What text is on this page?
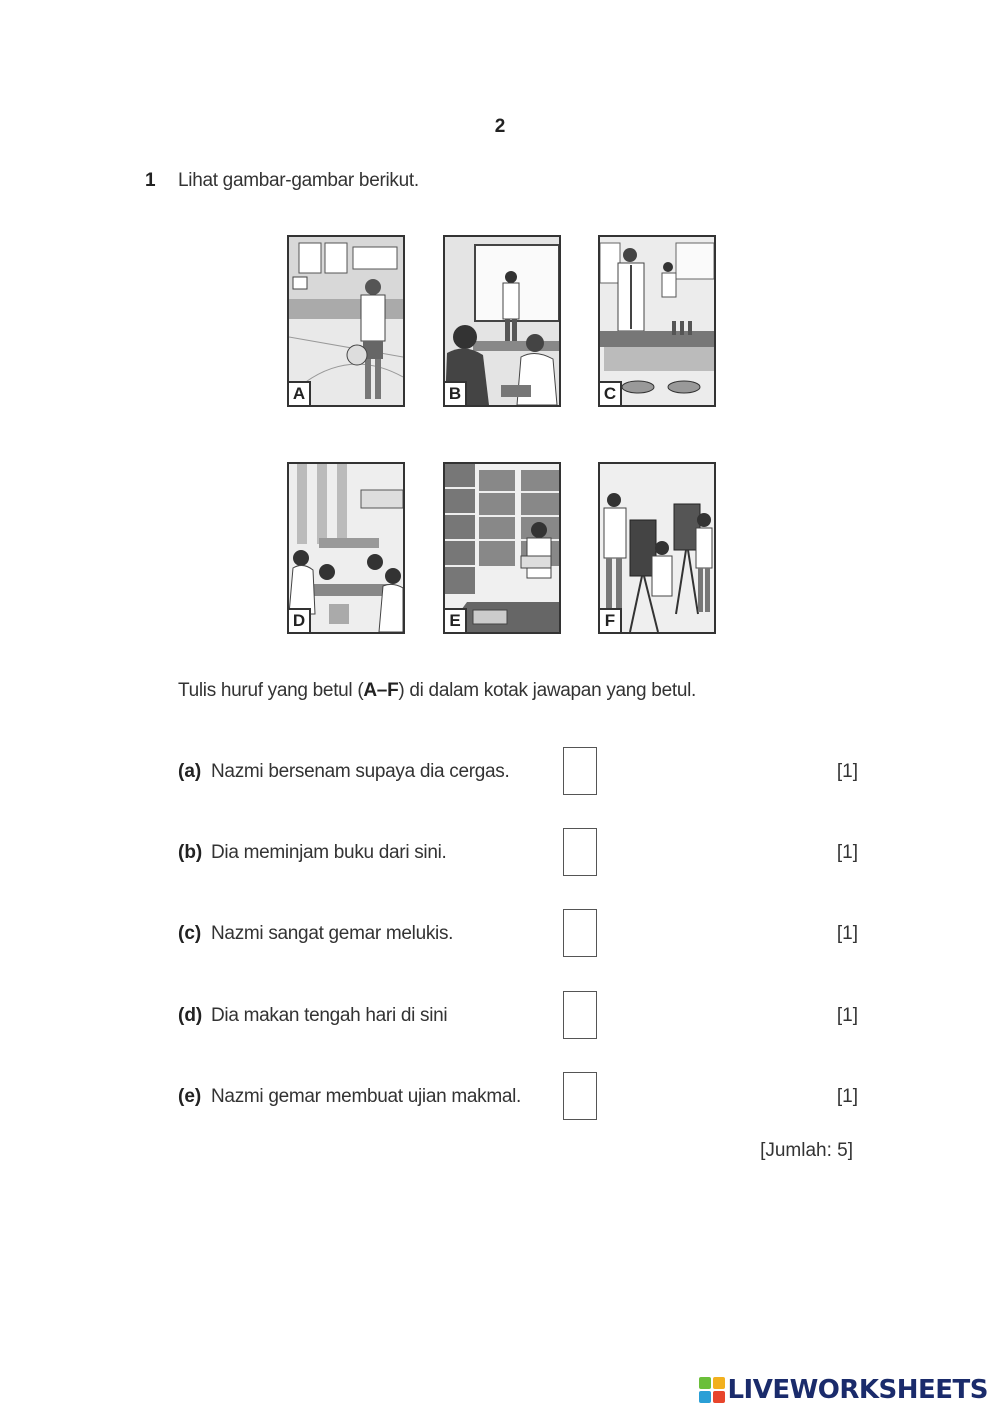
2
1 Lihat gambar-gambar berikut.
A	B	C
D	E	F
Tulis huruf yang betul (A–F) di dalam kotak jawapan yang betul.
(a) Nazmi bersenam supaya dia cergas.	[1]
(b) Dia meminjam buku dari sini.	[1]
(c) Nazmi sangat gemar melukis.	[1]
(d) Dia makan tengah hari di sini	[1]
(e) Nazmi gemar membuat ujian makmal.	[1]
[Jumlah: 5]
LIVEWORKSHEETS
